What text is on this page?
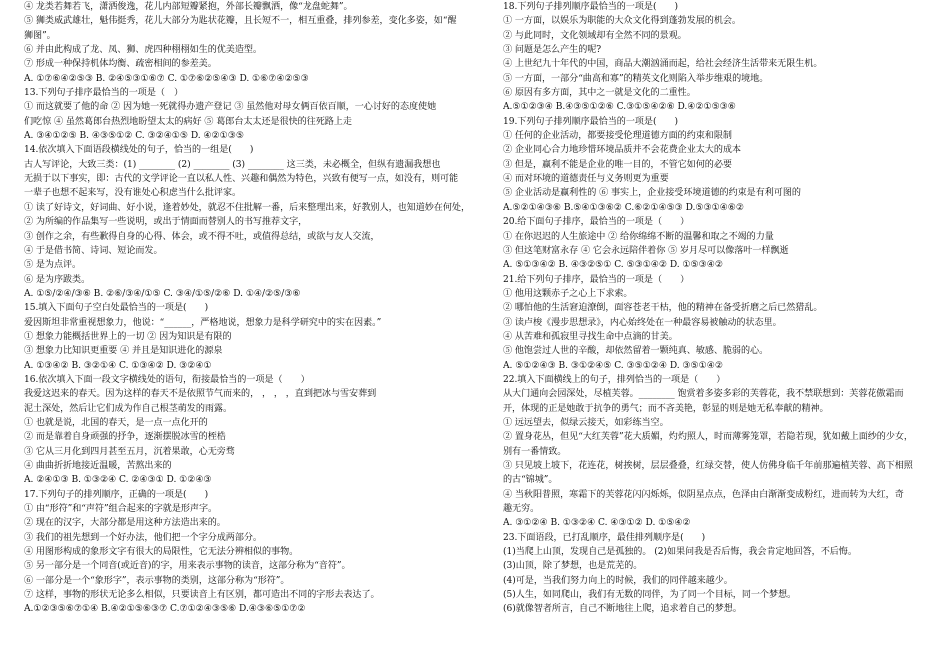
④ 龙类若舞若飞，潇洒俊逸，花儿内部短瓣紧抱，外部长瓣飘洒，像“龙盘蛇舞”。
⑤ 狮类威武雄壮，魁伟挺秀，花儿大部分为匙状花瓣，且长短不一，相互重叠，排列参差，变化多姿，如“醒
狮图”。
⑥ 并由此构成了龙、凤、狮、虎四种栩栩如生的优美造型。
⑦ 形成一种保持机体均衡、疏密相间的参差美。
A. ①⑦⑥④②⑤③ B. ②④⑤③①⑥⑦ C. ①⑦⑥②⑤④③ D. ①⑥⑦④②⑤③
13.下列句子排序最恰当的一项是（　）
① 而这就要了他的命 ② 因为她一死就得办遗产登记 ③ 虽然他对母女俩百依百顺，一心讨好的态度使她
们吃惊 ④ 虽然葛郎台热烈地盼望太太的病好 ⑤ 葛郎台太太还是很快的往死路上走
A. ③④①②⑤ B. ④③⑤①② C. ③②④①⑤ D. ④②①③⑤
14.依次填入下面语段横线处的句子，恰当的一组是(　　)
古人写评论，大致三类：(1) ________ (2) ________ (3) ________ 这三类，未必概全，但纵有遗漏我想也
无损于以下事实，即：古代的文学评论一直以私人性、兴趣和偶然为特色，兴致有便写一点，如没有，则可能
一辈子也想不起来写，没有谁处心积虑当什么批评家。
① 读了好诗文，好词曲、好小说，逢着妙处，就忍不住批解一番，后来整理出来，好教别人，也知道妙在何处，
② 为所编的作品集写一些说明，或出于情面而替别人的书写推荐文字，
③ 创作之余，有些歉得自身的心得、体会，或不得不吐，或值得总结，或欲与友人交流，
④ 于是借书简、诗词、短论而发。
⑤ 是为点评。
⑥ 是为序跋类。
A. ①⑤/②④/③⑥ B. ②⑥/③④/①⑤ C. ③④/①⑤/②⑥ D. ①④/②⑤/③⑥
15.填入下面句子空白处最恰当的一项是(　　)
爱因斯坦非常重视想象力，他说：“______，严格地说，想象力是科学研究中的实在因素。”
① 想象力能概括世界上的一切 ② 因为知识是有限的
③ 想象力比知识更重要 ④ 并且是知识进化的源泉
A. ①③④② B. ③②①④ C. ①③④② D. ③②④①
16.依次填入下面一段文字横线处的语句，衔接最恰当的一项是（　　）
我爱这迟来的春天。因为这样的春天不是依照节气而来的， ， ， ，直到把冰与雪安葬到
泥土深处，然后让它们成为作自己根茎萌发的雨露。
① 也就是说，北国的春天，是一点一点化开的
② 而是靠着自身顽强的抒争，逐渐摆脱冰雪的桎梏
③ 它从三月化到四月甚至五月，沉着果敢，心无旁骛
④ 曲曲折折地接近温暖，苦熬出来的
A. ②④①③ B. ①③②④ C. ②④③① D. ①②④③
17.下列句子的排列顺序，正确的一项是(　　)
① 由“形符”和“声符”组合起来的字就是形声字。
② 现在的汉字，大部分都是用这种方法造出来的。
③ 我们的祖先想到一个好办法，他们把一个字分成两部分。
④ 用图形构成的象形文字有很大的局限性，它无法分辨相似的事物。
⑤ 另一部分是一个同音(或近音)的字，用来表示事物的读音，这部分称为“音符”。
⑥ 一部分是一个“象形字”，表示事物的类别，这部分称为“形符”。
⑦ 这样，事物的形状无论多么相似，只要读音上有区别，都可造出不同的字形去表达了。
A.①②③⑤⑥⑦①④ B.④②①⑤⑥③⑦ C.⑦①②④③⑤⑥ D.④③⑥⑤①⑦②
18.下列句子排列顺序最恰当的一项是(　　)
① 一方面，以娱乐为职能的大众文化得到蓬勃发展的机会。
② 与此同时，文化领域却有全然不同的景观。
③ 问题是怎么产生的呢?
④ 上世纪九十年代的中国，商品大潮汹涌而起，给社会经济生活带来无限生机。
⑤ 一方面，一部分“曲高和寡”的精英文化则陷入举步维艰的境地。
⑥ 原因有多方面，其中之一就是文化的二重性。
A.⑤①②③④ B.④③⑤①②⑥ C.③①⑤④②⑥ D.④②①⑤③⑥
19.下列句子排列顺序最恰当的一项是(　　)
① 任何的企业活动，都要接受伦理道德方面的约束和限制
② 企业同心合力地珍惜环境品质并不会花费企业太大的成本
③ 但是，赢利不能是企业的唯一目的，不管它如何的必要
④ 而对环境的道德责任与义务则更为重要
⑤ 企业活动是赢利性的 ⑥ 事实上，企业接受环境道德的约束是有利可图的
A.⑤②①④③⑥ B.⑤④①③⑥② C.⑥②①④⑤③ D.⑤③①④⑥②
20.给下面句子排序，最恰当的一项是（　　）
① 在你迟迟的人生旅途中 ② 给你绵绵不断的温馨和取之不竭的力量
③ 但这笔财富永存 ④ 它会永远陪伴着你 ⑤ 岁月尽可以像落叶一样飘逝
A. ⑤①③④② B. ④③②⑤① C. ⑤③①④② D. ①⑤③④②
21.给下列句子排序，最恰当的一项是（　　）
① 他用这颗赤子之心上下求索。
② 哪怕他的生活窘迫潦倒，面容苍老干枯，他的精神在备受折磨之后已然猎乱。
③ 读卢梭《漫步思想录》，内心始终处在一种最容易被触动的状态里。
④ 从苦难和孤寂里寻找生命中点滴的甘美。
⑤ 他饱尝过人世的辛酸，却依然留着一颗纯真、敏感、脆弱的心。
A. ⑤①②④③ B. ③①②④⑤ C. ③⑤①②④ D. ③⑤①④②
22.填入下面横线上的句子，排列恰当的一项是（　　）
从大门通向会园深处，尽植芙蓉。________ 饱赏着多姿多彩的芙蓉花，我不禁联想到：芙蓉花傲霜而
开，体现的正是她敢于抗争的勇气；而不吝美艳，彰显的则是她无私奉献的精神。
① 远远望去，似绿云接天，如彩练当空。
② 置身花丛，但见“大红芙蓉”花大质媚，灼灼照人，时而薄雾笼罩，若隐若现，犹如戴上面纱的少女，
别有一番情致。
③ 只见坡上坡下，花连花，树挨树，层层叠叠，红绿交替，使人仿佛身临千年前那遍植芙蓉、高下相照
的古“锦城”。
④ 当秋阳普照，寒霜下的芙蓉花闪闪烁烁，似阴星点点，色泽由白渐渐变成粉红，进而转为大红，奇
趣无穷。
A. ③①②④ B. ①③②④ C. ④③①② D. ①⑤④②
23.下面语段，已打乱顺序，最佳排列顺序是(　　)
(1)当爬上山顶，发现自己是孤独的。 (2)如果问我是否后悔，我会肯定地回答，不后悔。
(3)山顶，除了梦想，也是荒芜的。
(4)可是，当我们努力向上的时候，我们的同伴越来越少。
(5)人生，如同爬山，我们有无数的同伴，为了同一个目标，同一个梦想。
(6)就像智者所言，自己不断地往上爬，追求着自己的梦想。
